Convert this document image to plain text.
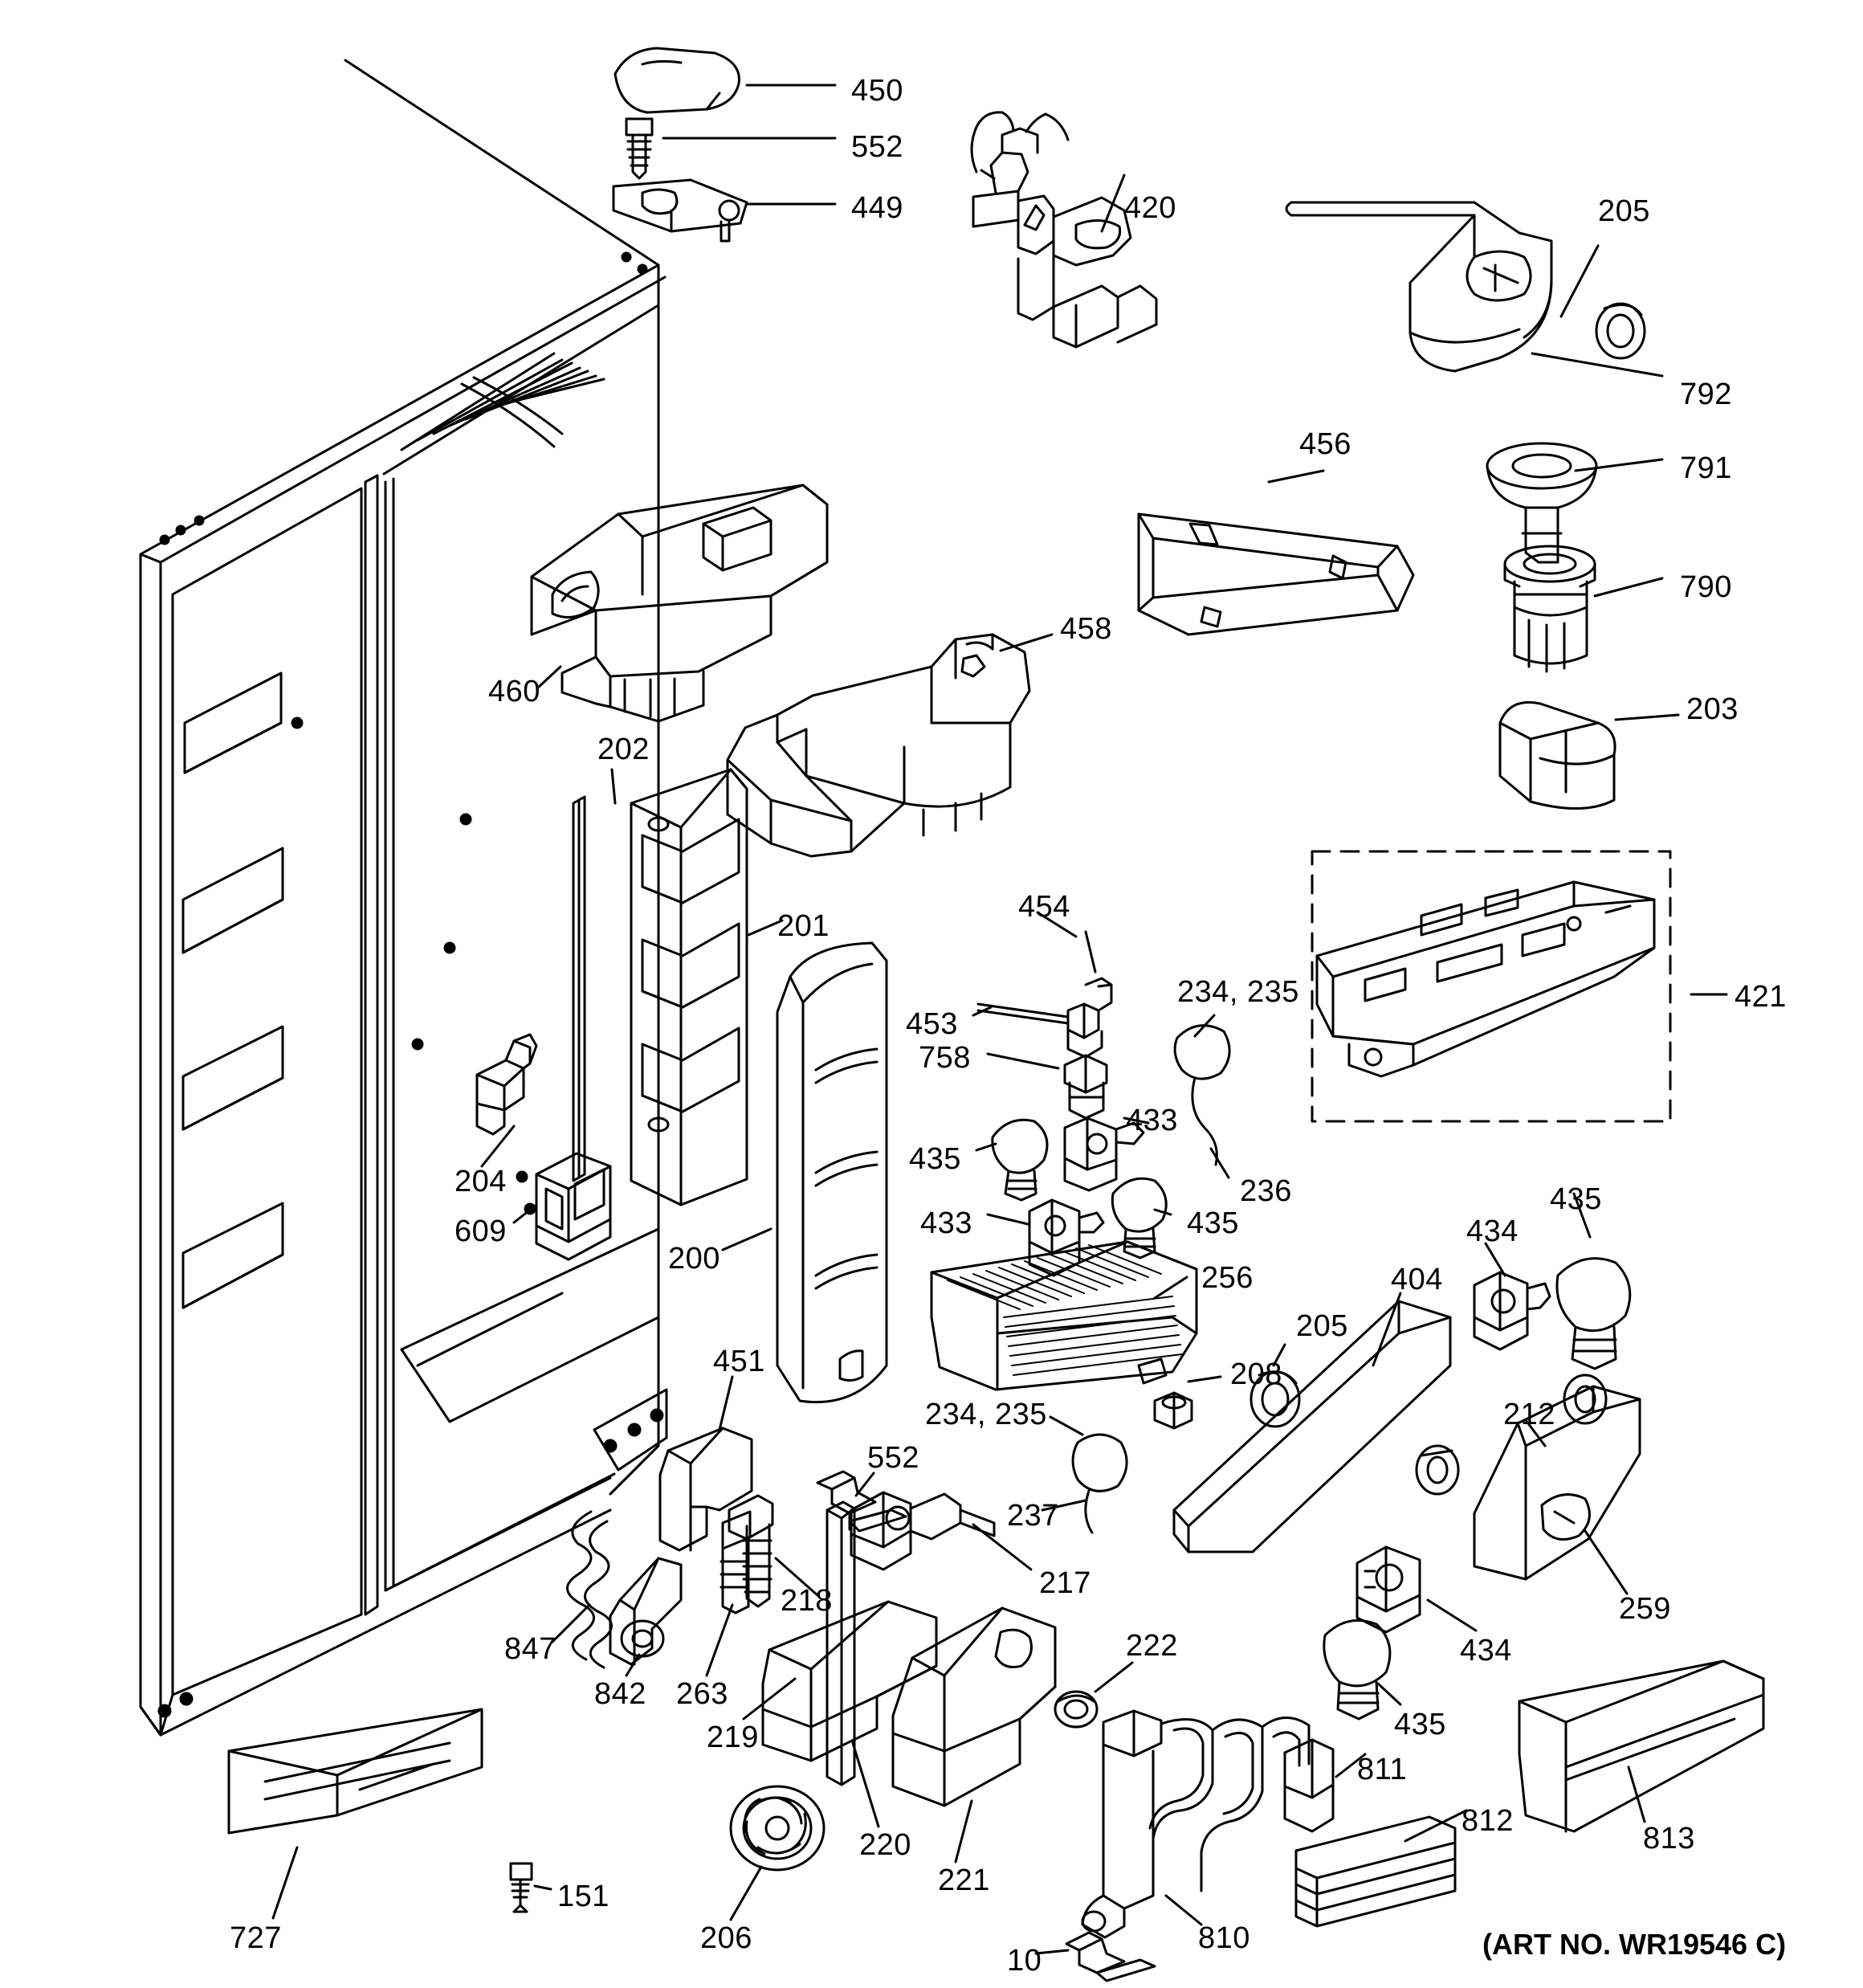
450
552
449	420	205
792
456
791
790
460
458
203
202
201
454
234, 235	421
453
758
433
435
204	236
433	435
609
200
435
256
434
404
205
208
212
234, 235
451
552
237
259
217
218
847
842 263
219
222	434
435
811
220
221
812
813
151
206
727	810
10	(ART NO. WR19546 C)
